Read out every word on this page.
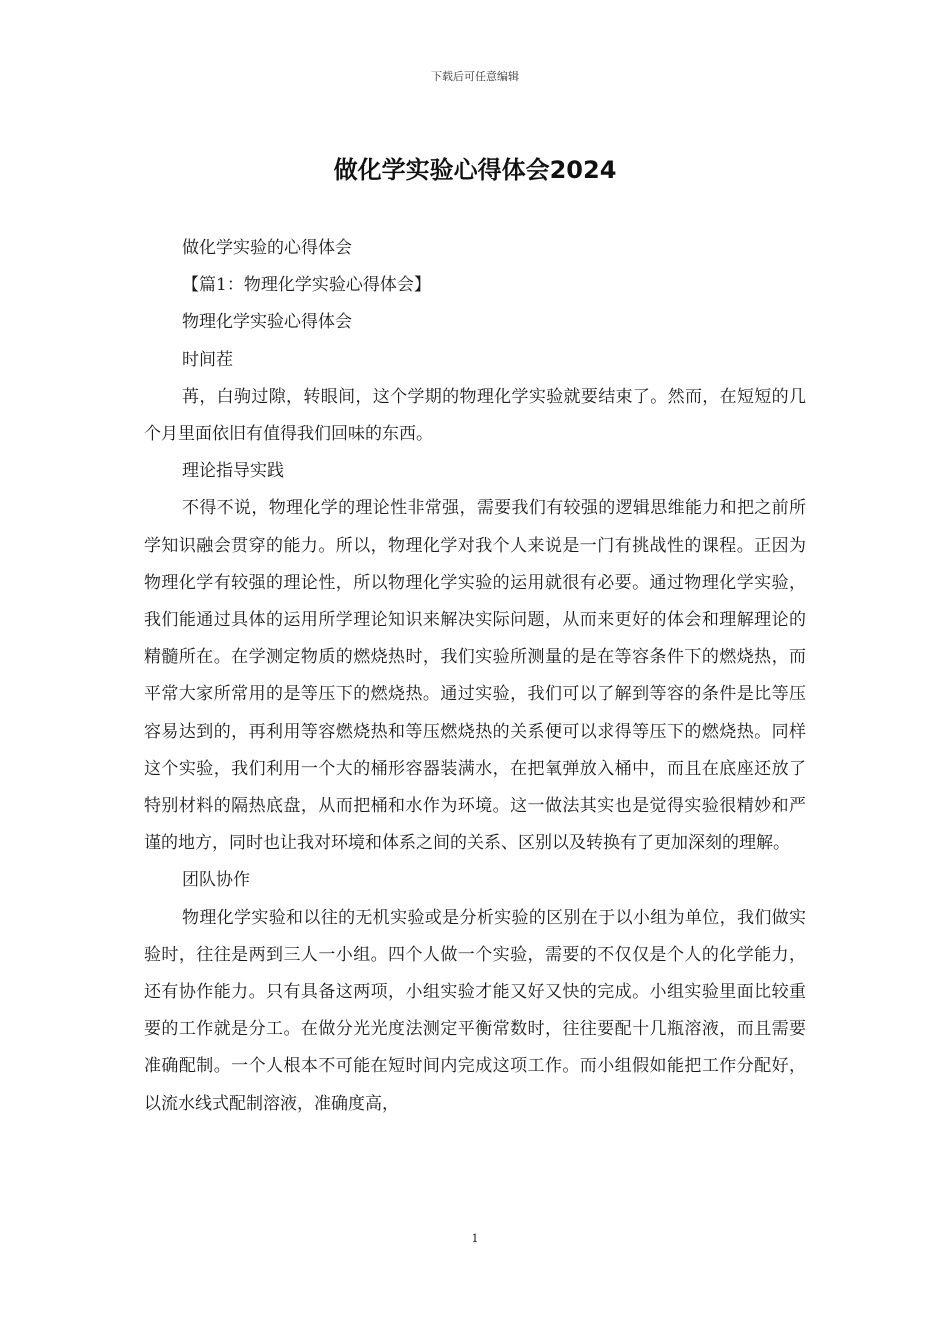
下载后可任意编辑
做化学实验心得体会2024

做化学实验的心得体会

【篇1：物理化学实验心得体会】

物理化学实验心得体会

时间茬

苒，白驹过隙，转眼间，这个学期的物理化学实验就要结束了。然而，在短短的几个月里面依旧有值得我们回味的东西。

理论指导实践

不得不说，物理化学的理论性非常强，需要我们有较强的逻辑思维能力和把之前所学知识融会贯穿的能力。所以，物理化学对我个人来说是一门有挑战性的课程。正因为物理化学有较强的理论性，所以物理化学实验的运用就很有必要。通过物理化学实验，我们能通过具体的运用所学理论知识来解决实际问题，从而来更好的体会和理解理论的精髓所在。在学测定物质的燃烧热时，我们实验所测量的是在等容条件下的燃烧热，而平常大家所常用的是等压下的燃烧热。通过实验，我们可以了解到等容的条件是比等压容易达到的，再利用等容燃烧热和等压燃烧热的关系便可以求得等压下的燃烧热。同样这个实验，我们利用一个大的桶形容器装满水，在把氧弹放入桶中，而且在底座还放了特别材料的隔热底盘，从而把桶和水作为环境。这一做法其实也是觉得实验很精妙和严谨的地方，同时也让我对环境和体系之间的关系、区别以及转换有了更加深刻的理解。

团队协作

物理化学实验和以往的无机实验或是分析实验的区别在于以小组为单位，我们做实验时，往往是两到三人一小组。四个人做一个实验，需要的不仅仅是个人的化学能力，还有协作能力。只有具备这两项，小组实验才能又好又快的完成。小组实验里面比较重要的工作就是分工。在做分光光度法测定平衡常数时，往往要配十几瓶溶液，而且需要准确配制。一个人根本不可能在短时间内完成这项工作。而小组假如能把工作分配好，以流水线式配制溶液，准确度高，

1
